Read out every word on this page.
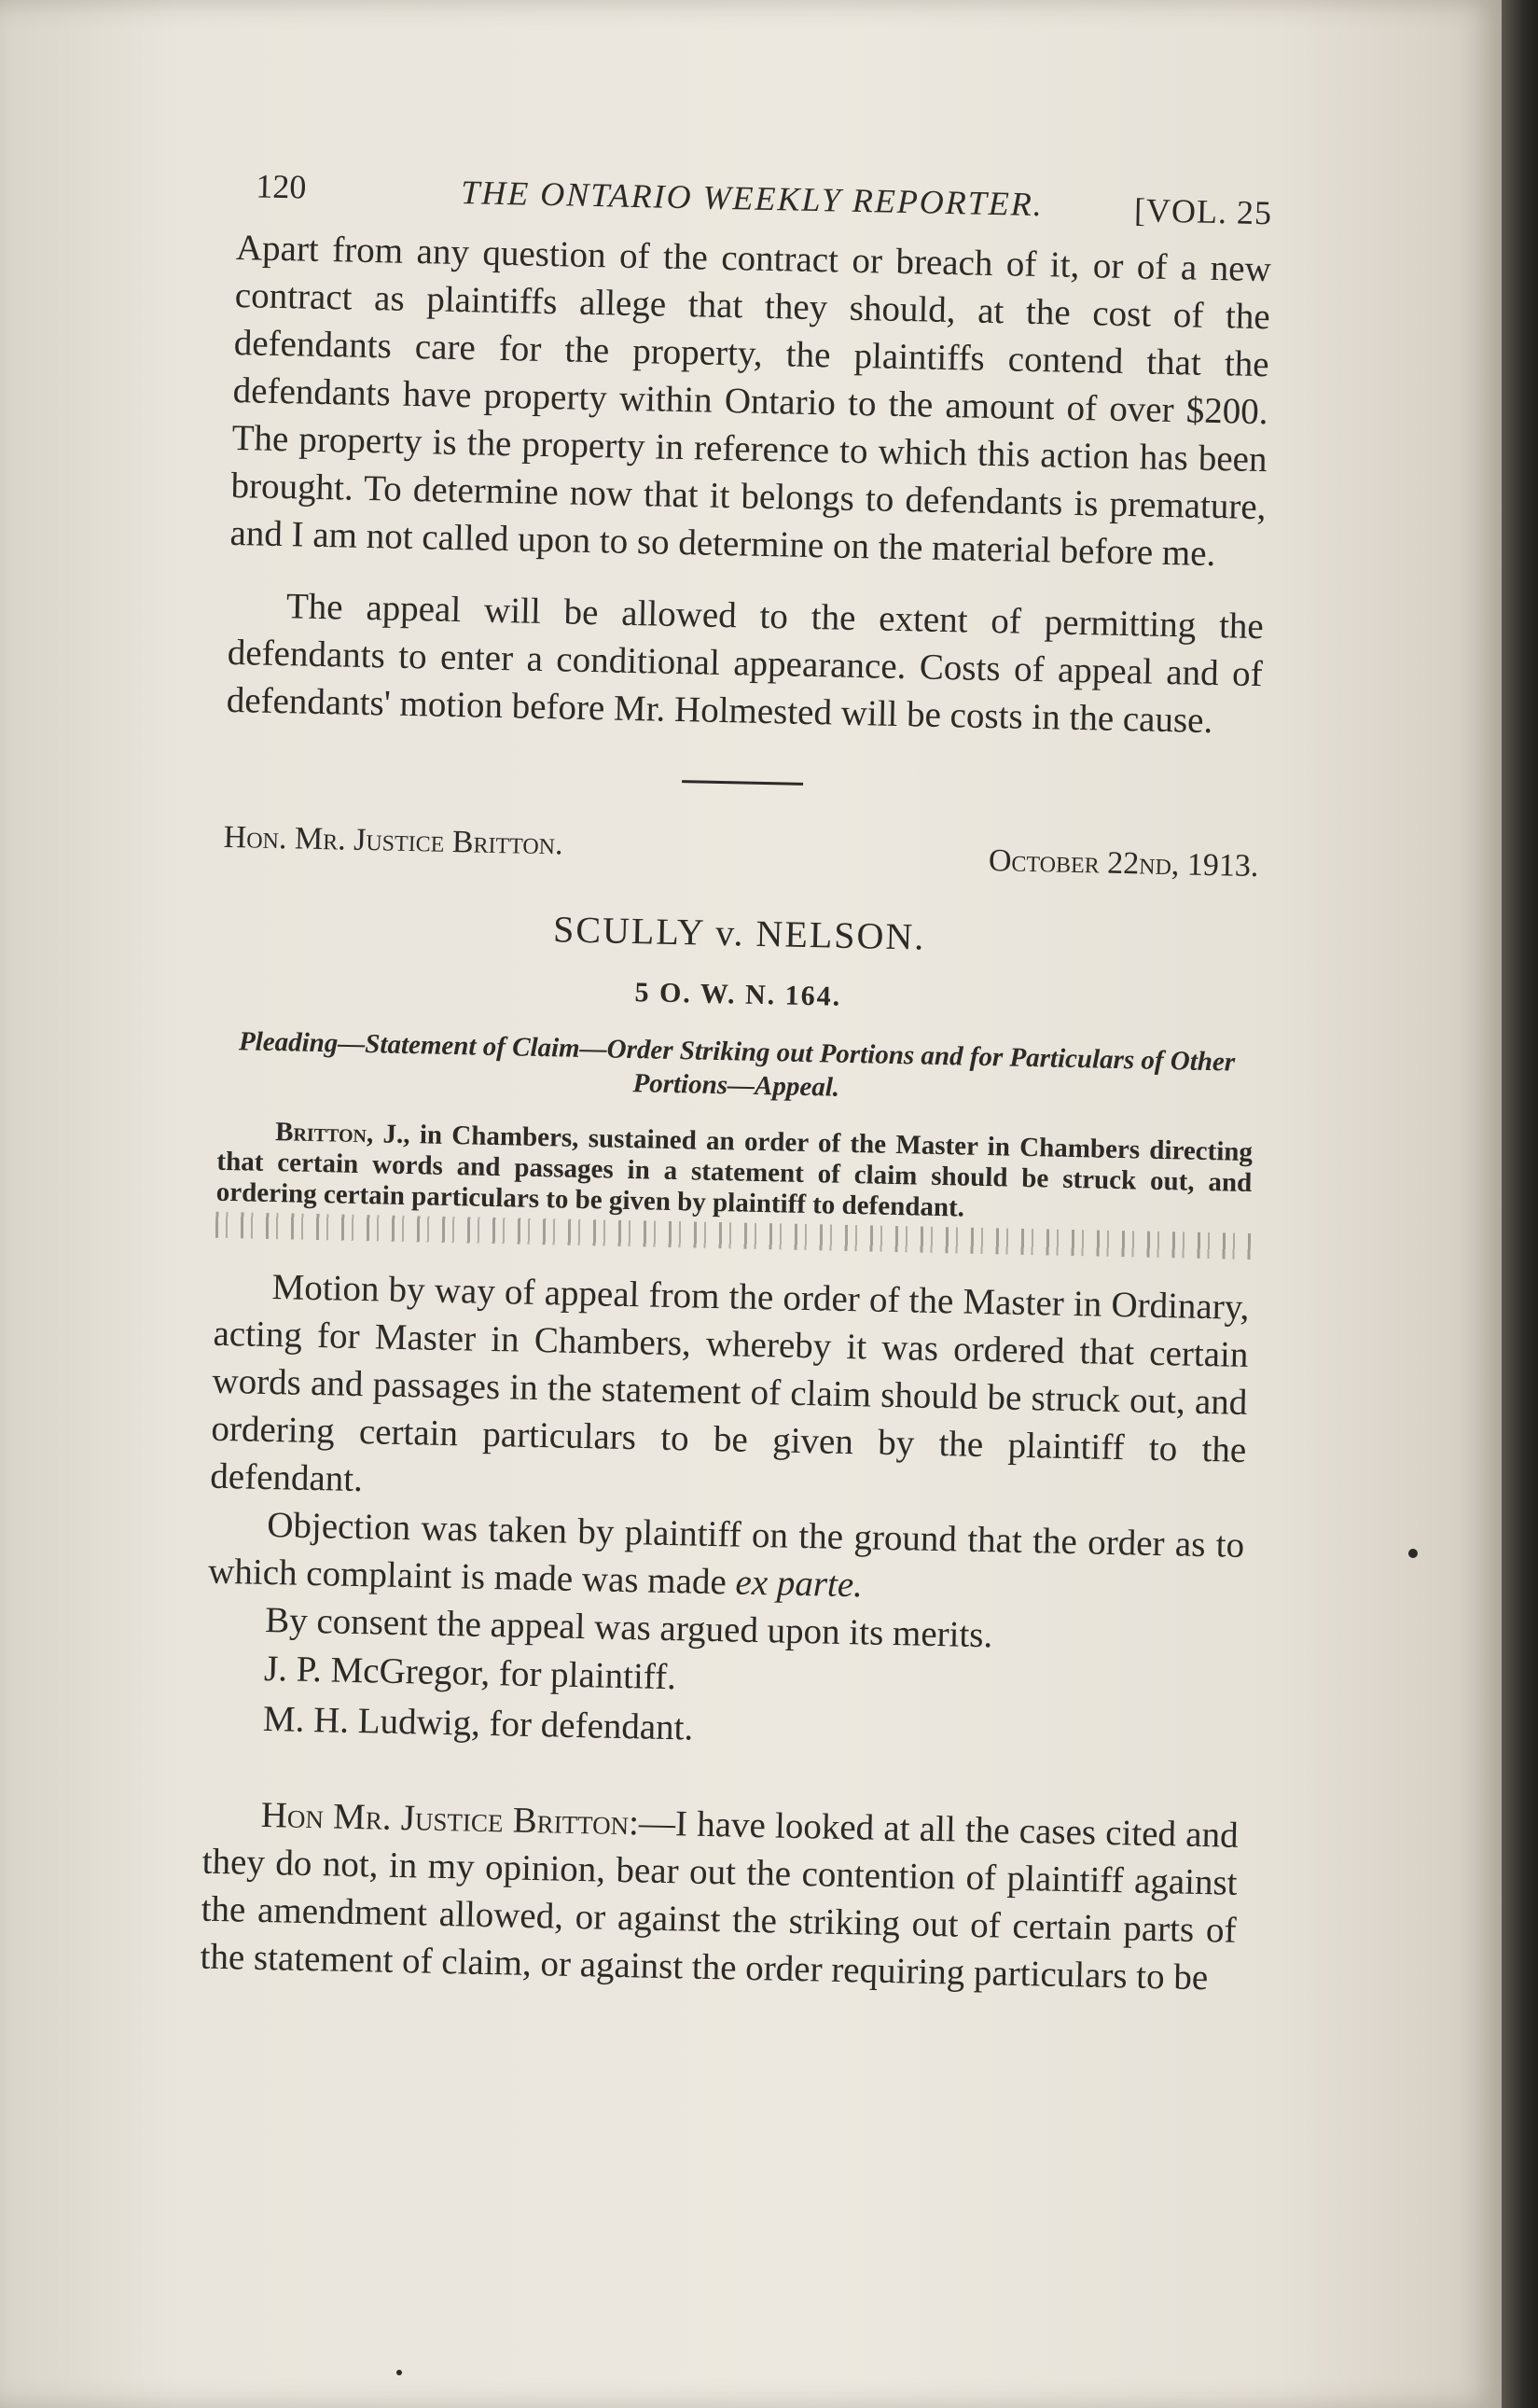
120	THE ONTARIO WEEKLY REPORTER.	[VOL. 25

Apart from any question of the contract or breach of it, or of a new contract as plaintiffs allege that they should, at the cost of the defendants care for the property, the plaintiffs contend that the defendants have property within Ontario to the amount of over $200. The property is the property in reference to which this action has been brought. To determine now that it belongs to defendants is premature, and I am not called upon to so determine on the material before me.

The appeal will be allowed to the extent of permitting the defendants to enter a conditional appearance. Costs of appeal and of defendants' motion before Mr. Holmested will be costs in the cause.

Hon. Mr. Justice Britton.
October 22nd, 1913.

SCULLY v. NELSON.

5 O. W. N. 164.

Pleading—Statement of Claim—Order Striking out Portions and for Particulars of Other Portions—Appeal.

Britton, J., in Chambers, sustained an order of the Master in Chambers directing that certain words and passages in a statement of claim should be struck out, and ordering certain particulars to be given by plaintiff to defendant.

Motion by way of appeal from the order of the Master in Ordinary, acting for Master in Chambers, whereby it was ordered that certain words and passages in the statement of claim should be struck out, and ordering certain particulars to be given by the plaintiff to the defendant.

Objection was taken by plaintiff on the ground that the order as to which complaint is made was made ex parte.

By consent the appeal was argued upon its merits.

J. P. McGregor, for plaintiff.

M. H. Ludwig, for defendant.

Hon Mr. Justice Britton:—I have looked at all the cases cited and they do not, in my opinion, bear out the contention of plaintiff against the amendment allowed, or against the striking out of certain parts of the statement of claim, or against the order requiring particulars to be
